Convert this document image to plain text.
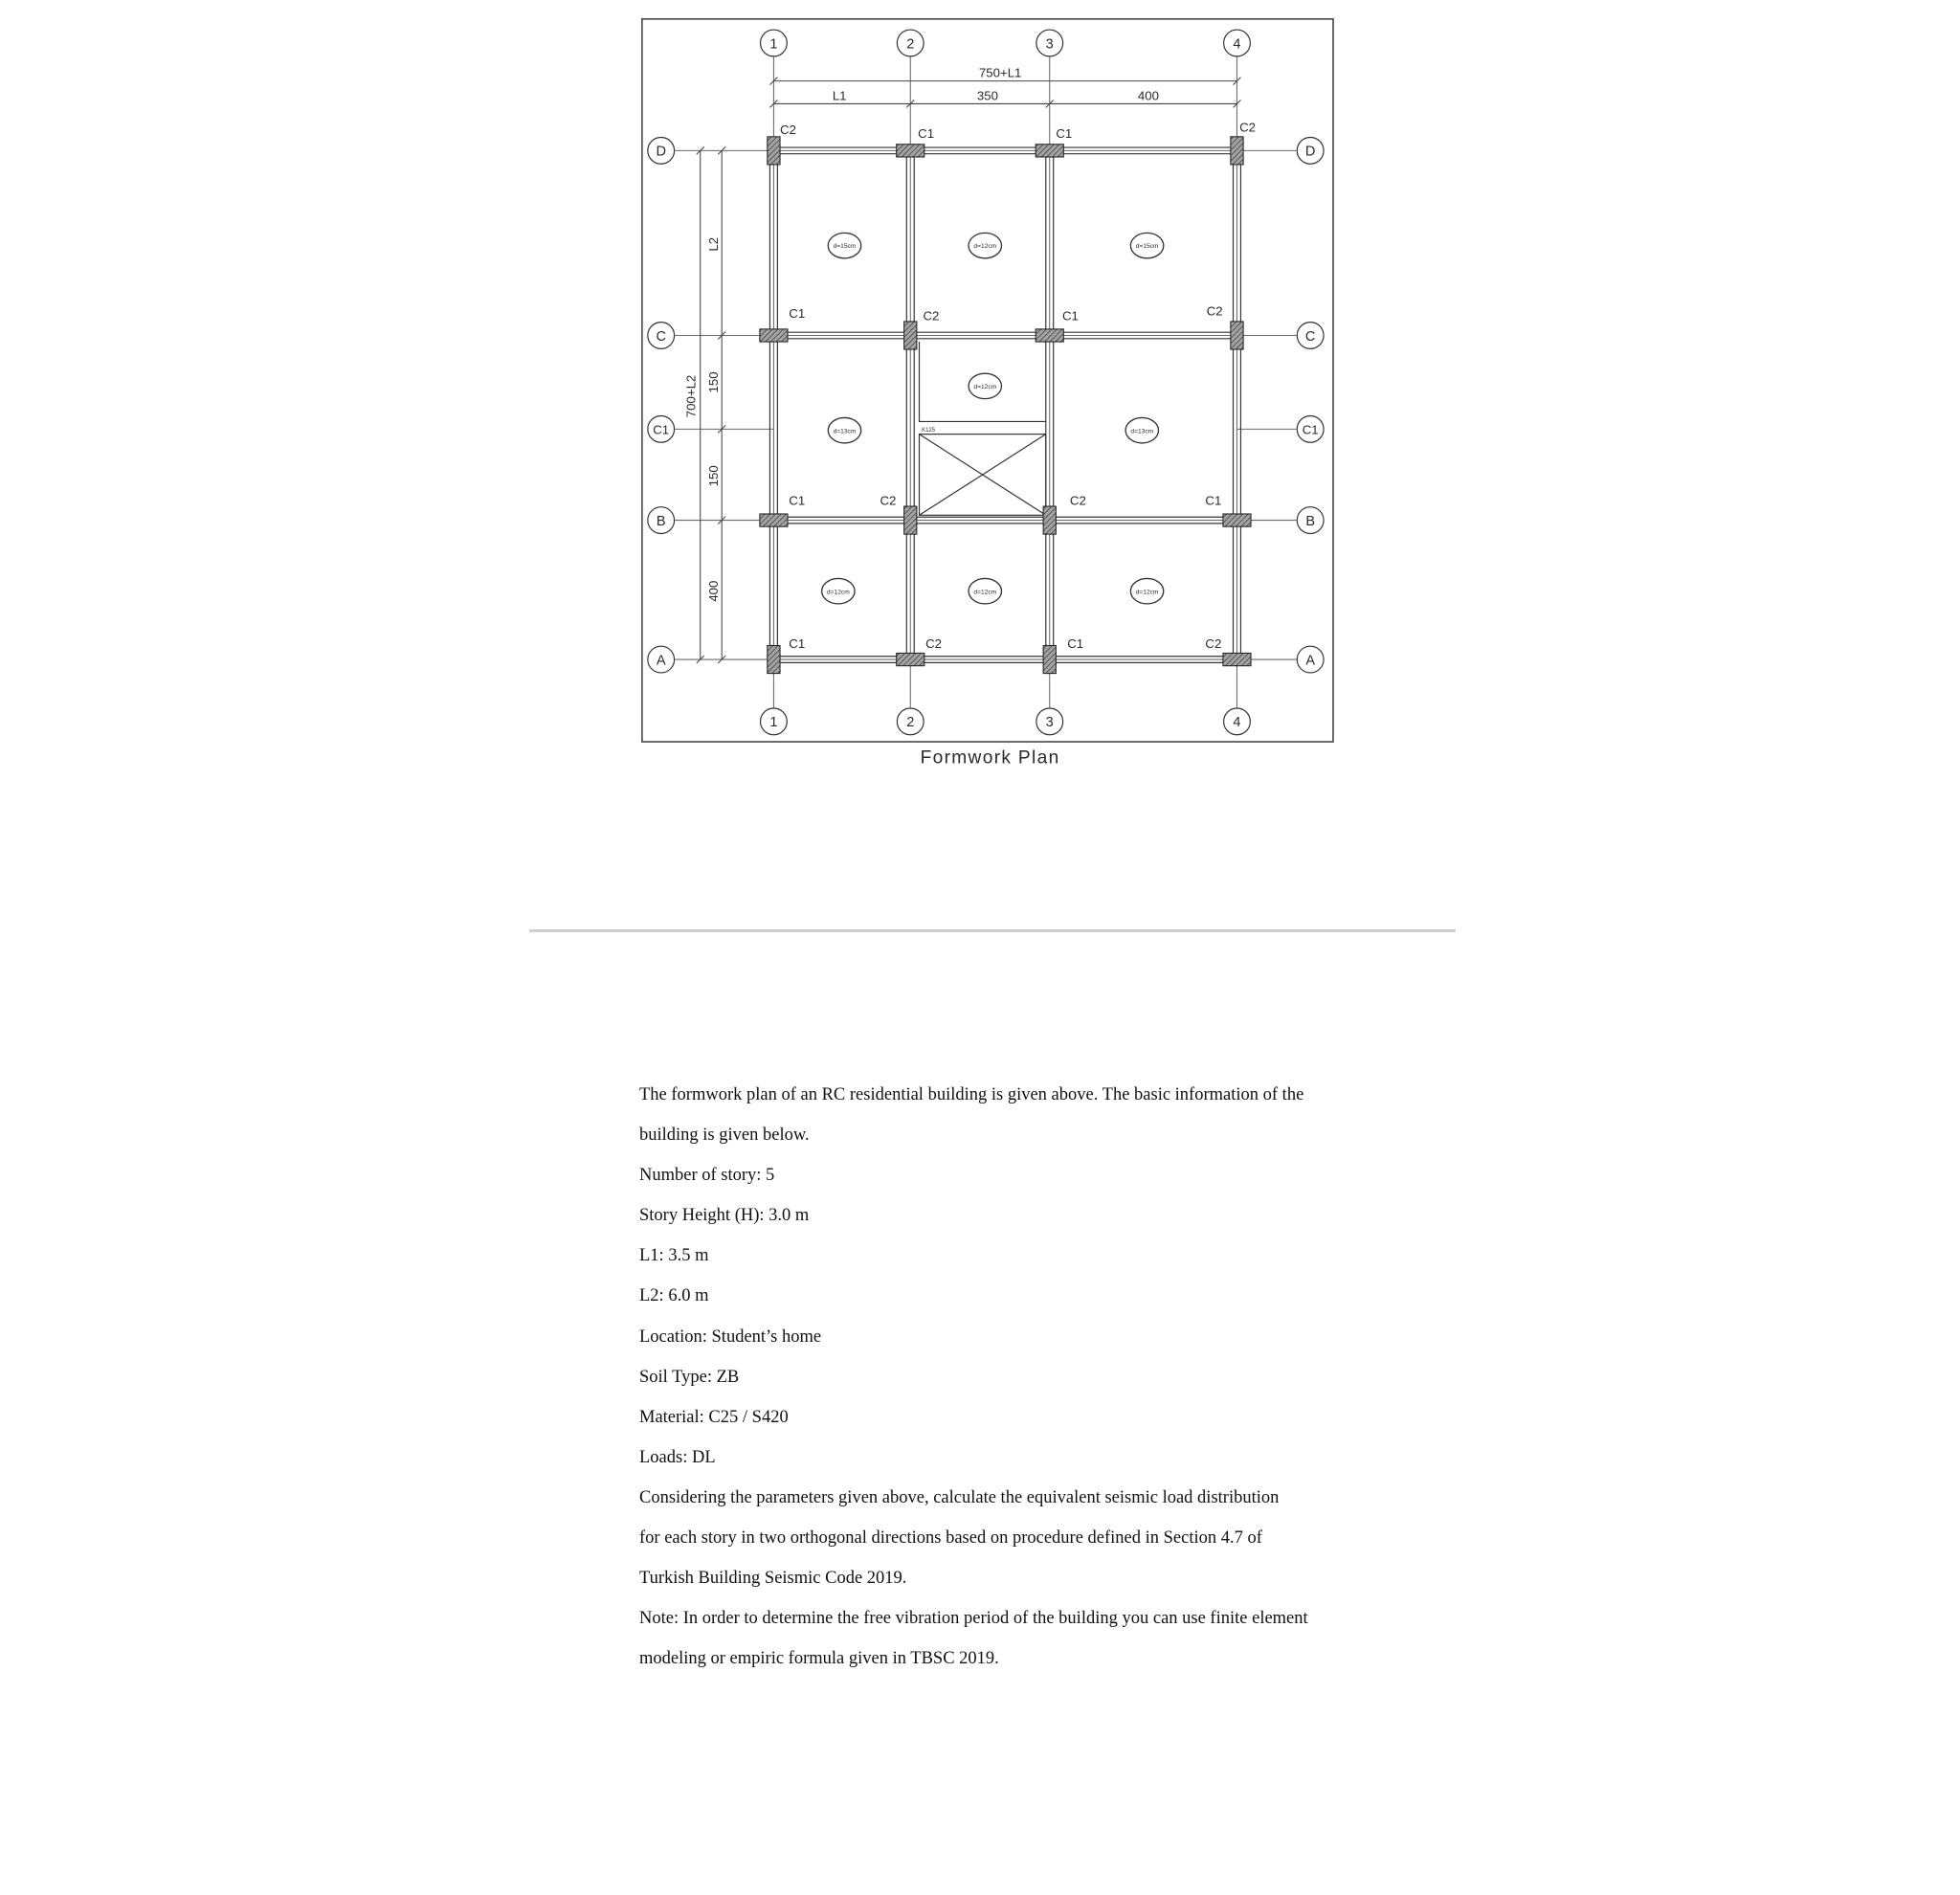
K125
C2	C1	C1	C2
C1	C2	C1	C2
C1	C2	C2	C1
C1	C2	C1	C2
d=15cm	d=12cm	d=15cm
d=12cm
d=13cm	d=13cm
d=12cm	d=12cm	d=12cm
1	2	3	4
1	2	3	4
D
C
C1
B
A
D
C
C1
B
A
750+L1
L1	350	400
700+L2
L2
150
150
400
Formwork Plan
The formwork plan of an RC residential building is given above. The basic information of the
building is given below.
Number of story: 5
Story Height (H): 3.0 m
L1: 3.5 m
L2: 6.0 m
Location: Student’s home
Soil Type: ZB
Material: C25 / S420
Loads: DL
Considering the parameters given above, calculate the equivalent seismic load distribution
for each story in two orthogonal directions based on procedure defined in Section 4.7 of
Turkish Building Seismic Code 2019.
Note: In order to determine the free vibration period of the building you can use finite element
modeling or empiric formula given in TBSC 2019.
